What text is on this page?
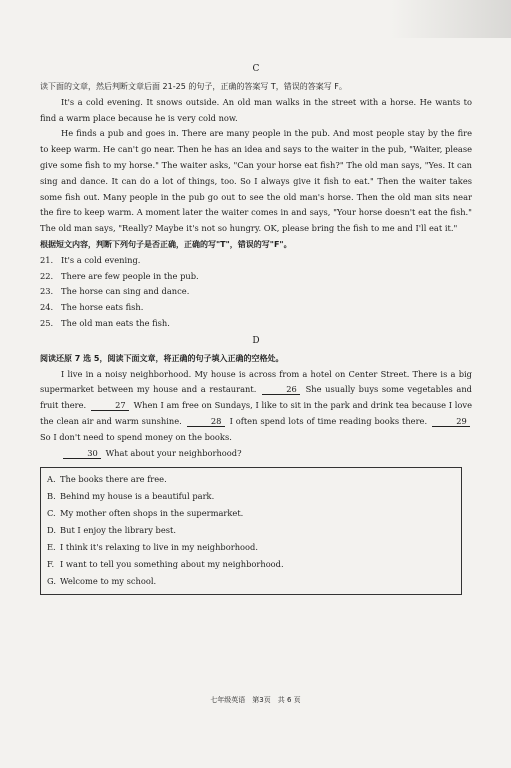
C
读下面的文章，然后判断文章后面 21-25 的句子，正确的答案写 T，错误的答案写 F。

It's a cold evening. It snows outside. An old man walks in the street with a horse. He wants to find a warm place because he is very cold now.

He finds a pub and goes in. There are many people in the pub. And most people stay by the fire to keep warm. He can't go near. Then he has an idea and says to the waiter in the pub, "Waiter, please give some fish to my horse." The waiter asks, "Can your horse eat fish?" The old man says, "Yes. It can sing and dance. It can do a lot of things, too. So I always give it fish to eat." Then the waiter takes some fish out. Many people in the pub go out to see the old man's horse. Then the old man sits near the fire to keep warm. A moment later the waiter comes in and says, "Your horse doesn't eat the fish." The old man says, "Really? Maybe it's not so hungry. OK, please bring the fish to me and I'll eat it."

根据短文内容，判断下列句子是否正确，正确的写"T"，错误的写"F"。

21. It's a cold evening.

22. There are few people in the pub.

23. The horse can sing and dance.

24. The horse eats fish.

25. The old man eats the fish.

D
阅读还原 7 选 5，阅读下面文章，将正确的句子填入正确的空格处。

I live in a noisy neighborhood. My house is across from a hotel on Center Street. There is a big supermarket between my house and a restaurant.	26 She usually buys some vegetables and fruit there.	27 When I am free on Sundays, I like to sit in the park and drink tea because I love the clean air and warm sunshine.	28 I often spend lots of time reading books there.	29 So I don't need to spend money on the books.

30 What about your neighborhood?

A. The books there are free.

B. Behind my house is a beautiful park.

C. My mother often shops in the supermarket.

D. But I enjoy the library best.

E. I think it's relaxing to live in my neighborhood.

F. I want to tell you something about my neighborhood.

G. Welcome to my school.

七年级英语　第3页　共 6 页
